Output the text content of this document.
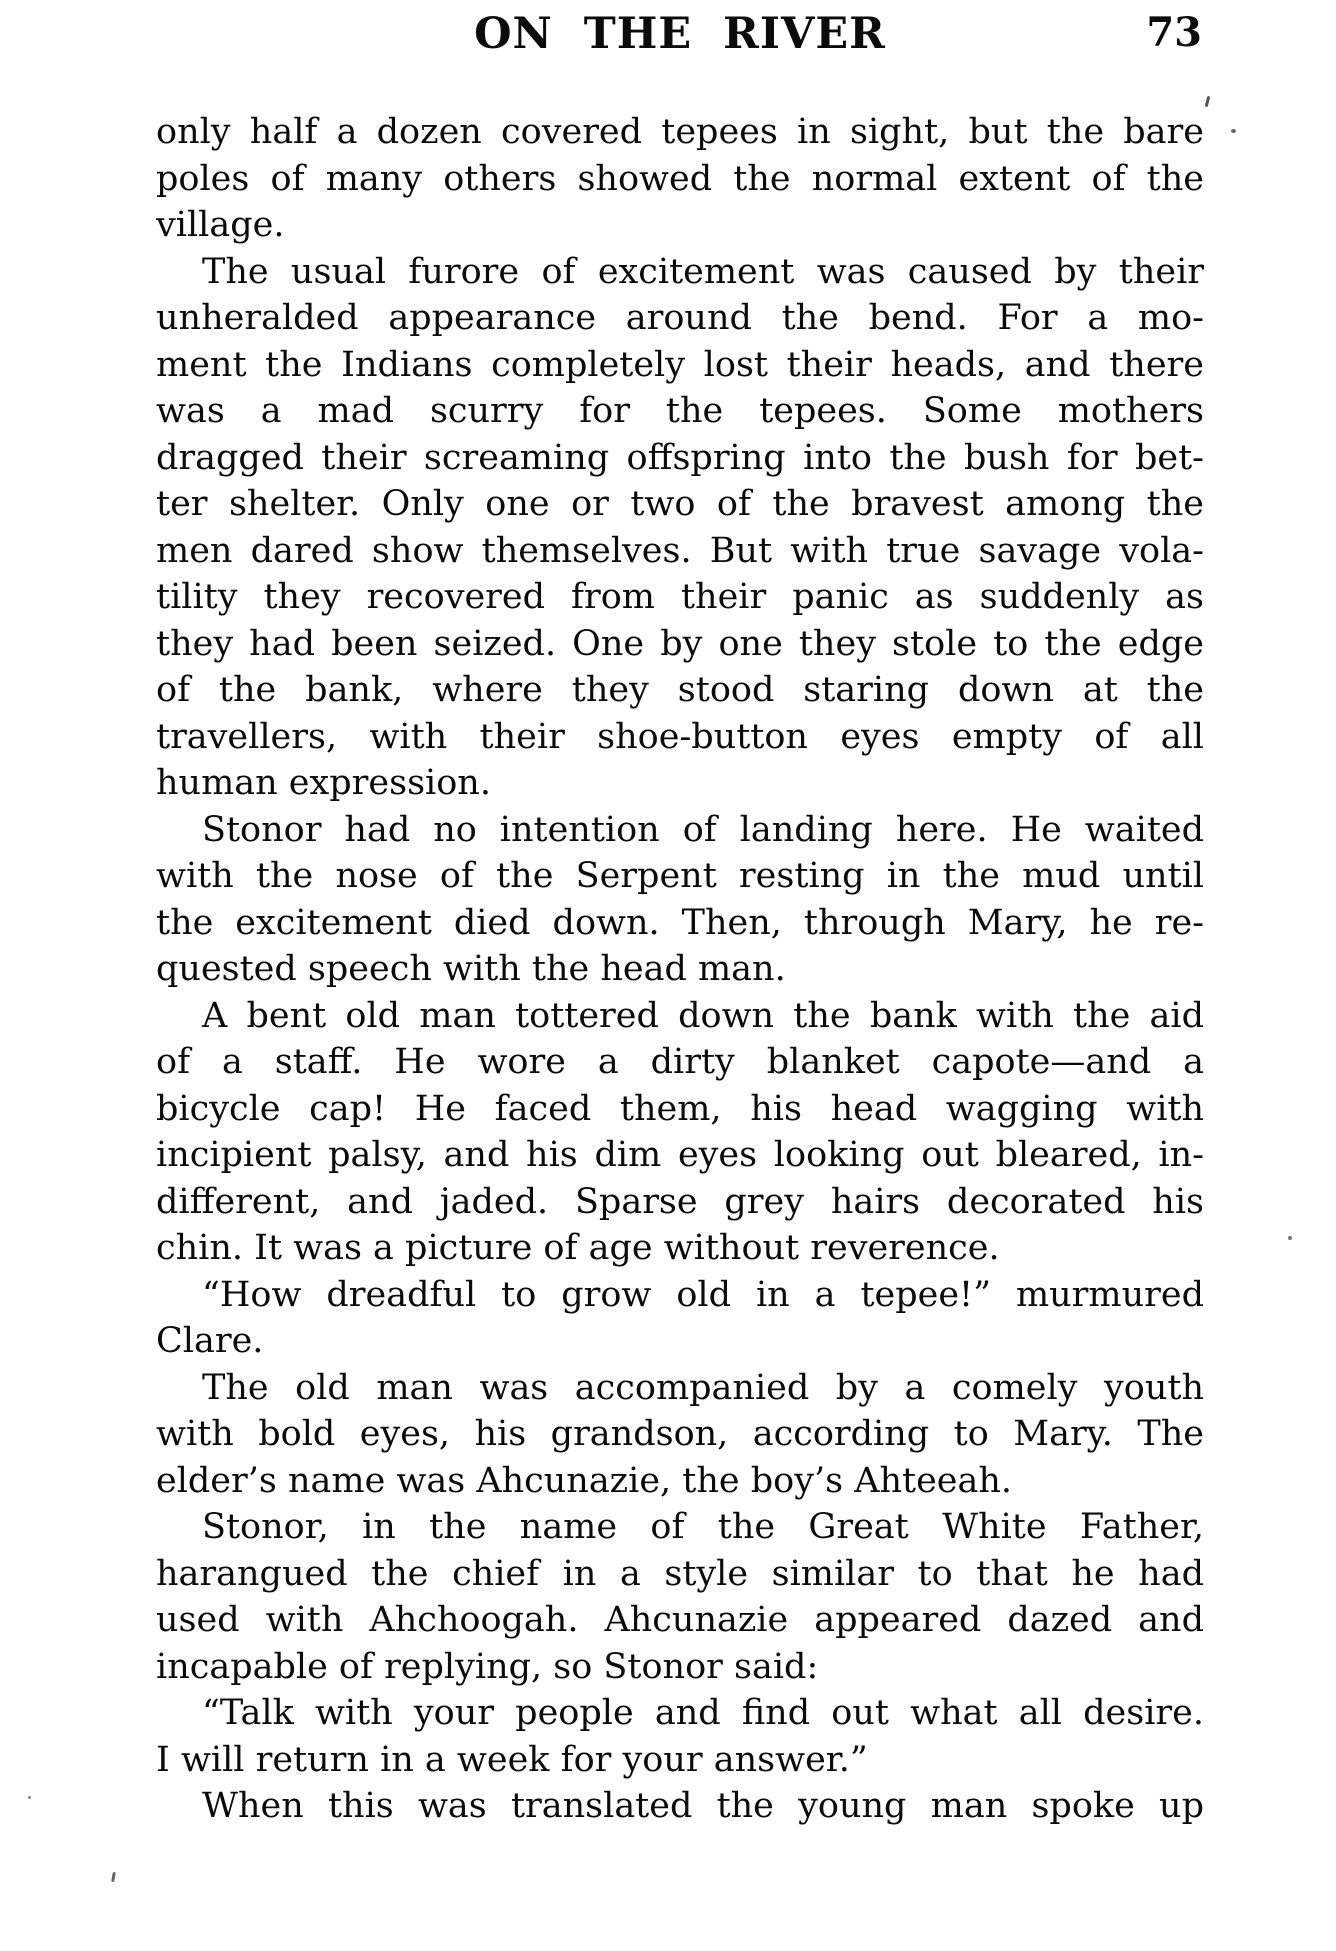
ON THE RIVER	73
only half a dozen covered tepees in sight, but the bare
poles of many others showed the normal extent of the
village.
The usual furore of excitement was caused by their
unheralded appearance around the bend. For a mo-
ment the Indians completely lost their heads, and there
was a mad scurry for the tepees. Some mothers
dragged their screaming offspring into the bush for bet-
ter shelter. Only one or two of the bravest among the
men dared show themselves. But with true savage vola-
tility they recovered from their panic as suddenly as
they had been seized. One by one they stole to the edge
of the bank, where they stood staring down at the
travellers, with their shoe-button eyes empty of all
human expression.
Stonor had no intention of landing here. He waited
with the nose of the Serpent resting in the mud until
the excitement died down. Then, through Mary, he re-
quested speech with the head man.
A bent old man tottered down the bank with the aid
of a staff. He wore a dirty blanket capote—and a
bicycle cap! He faced them, his head wagging with
incipient palsy, and his dim eyes looking out bleared, in-
different, and jaded. Sparse grey hairs decorated his
chin. It was a picture of age without reverence.
“How dreadful to grow old in a tepee!” murmured
Clare.
The old man was accompanied by a comely youth
with bold eyes, his grandson, according to Mary. The
elder’s name was Ahcunazie, the boy’s Ahteeah.
Stonor, in the name of the Great White Father,
harangued the chief in a style similar to that he had
used with Ahchoogah. Ahcunazie appeared dazed and
incapable of replying, so Stonor said:
“Talk with your people and find out what all desire.
I will return in a week for your answer.”
When this was translated the young man spoke up
